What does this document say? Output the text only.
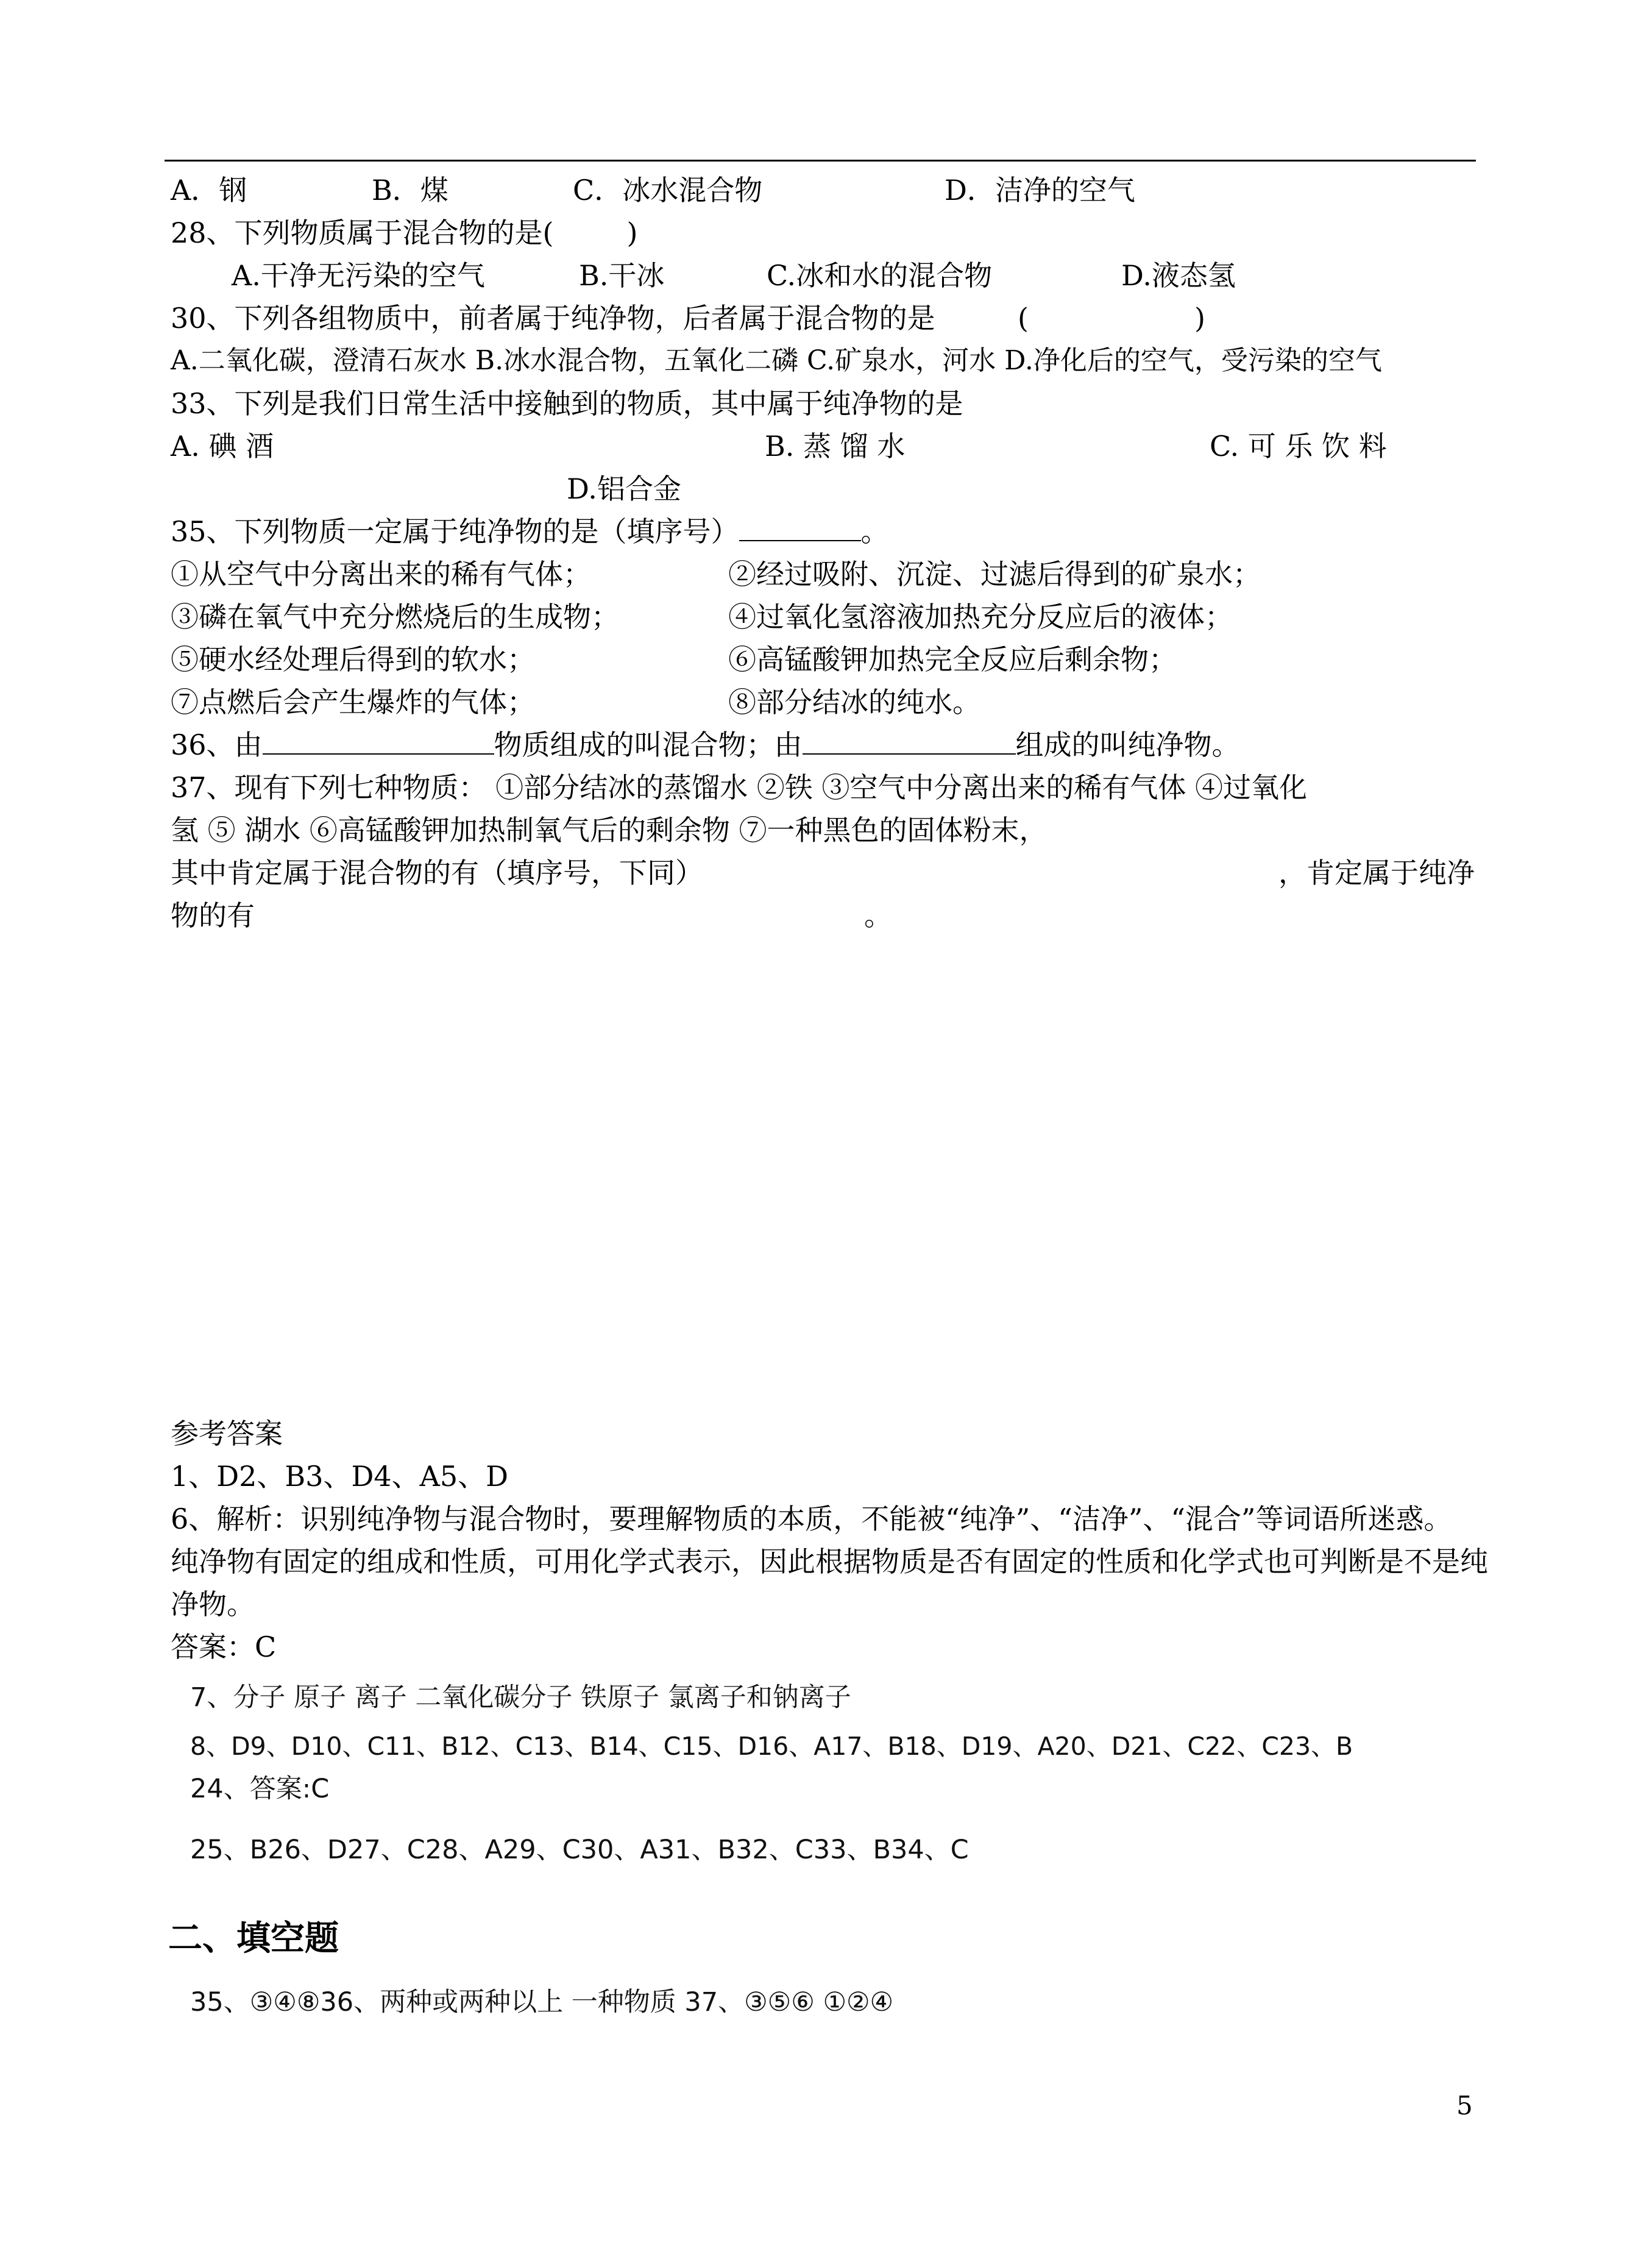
A．钢	B．煤	C．冰水混合物	D．洁净的空气
28、下列物质属于混合物的是(	)
A.干净无污染的空气	B.干冰	C.冰和水的混合物	D.液态氢
30、下列各组物质中，前者属于纯净物，后者属于混合物的是	(	)
A.二氧化碳，澄清石灰水 B.冰水混合物，五氧化二磷 C.矿泉水，河水 D.净化后的空气，受污染的空气
33、下列是我们日常生活中接触到的物质，其中属于纯净物的是
A. 碘 酒	B. 蒸 馏 水	C. 可 乐 饮 料
D.铝合金
35、下列物质一定属于纯净物的是（填序号）	。
①从空气中分离出来的稀有气体；	②经过吸附、沉淀、过滤后得到的矿泉水；
③磷在氧气中充分燃烧后的生成物；	④过氧化氢溶液加热充分反应后的液体；
⑤硬水经处理后得到的软水；	⑥高锰酸钾加热完全反应后剩余物；
⑦点燃后会产生爆炸的气体；	⑧部分结冰的纯水。
36、由	物质组成的叫混合物；由	组成的叫纯净物。
37、现有下列七种物质： ①部分结冰的蒸馏水 ②铁 ③空气中分离出来的稀有气体 ④过氧化
氢 ⑤ 湖水 ⑥高锰酸钾加热制氧气后的剩余物 ⑦一种黑色的固体粉末，
其中肯定属于混合物的有（填序号，下同）	，肯定属于纯净
物的有	。
参考答案
1、D2、B3、D4、A5、D
6、解析：识别纯净物与混合物时，要理解物质的本质，不能被“纯净”、“洁净”、“混合”等词语所迷惑。
纯净物有固定的组成和性质，可用化学式表示，因此根据物质是否有固定的性质和化学式也可判断是不是纯
净物。
答案：C
7、分子 原子 离子 二氧化碳分子 铁原子 氯离子和钠离子
8、D9、D10、C11、B12、C13、B14、C15、D16、A17、B18、D19、A20、D21、C22、C23、B
24、答案:C
25、B26、D27、C28、A29、C30、A31、B32、C33、B34、C
二、填空题
35、③④⑧36、两种或两种以上 一种物质 37、③⑤⑥ ①②④
5
